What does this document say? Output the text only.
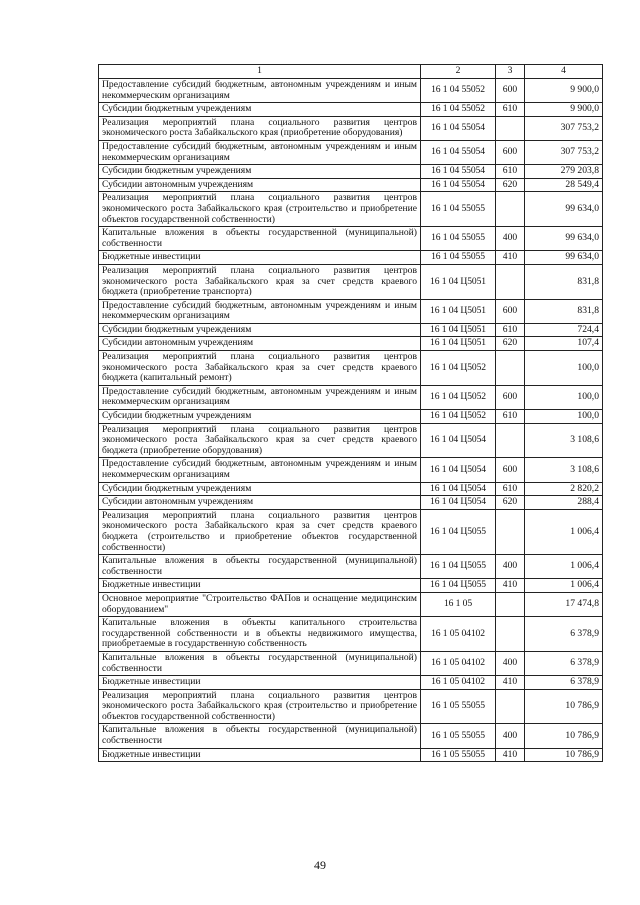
1	2	3	4
Предоставление субсидий бюджетным, автономным учреждениям и иным некоммерческим организациям	16 1 04 55052	600	9 900,0
Субсидии бюджетным учреждениям	16 1 04 55052	610	9 900,0
Реализация мероприятий плана социального развития центров экономического роста Забайкальского края (приобретение оборудования)	16 1 04 55054		307 753,2
Предоставление субсидий бюджетным, автономным учреждениям и иным некоммерческим организациям	16 1 04 55054	600	307 753,2
Субсидии бюджетным учреждениям	16 1 04 55054	610	279 203,8
Субсидии автономным учреждениям	16 1 04 55054	620	28 549,4
Реализация мероприятий плана социального развития центров экономического роста Забайкальского края (строительство и приобретение объектов государственной собственности)	16 1 04 55055		99 634,0
Капитальные вложения в объекты государственной (муниципальной) собственности	16 1 04 55055	400	99 634,0
Бюджетные инвестиции	16 1 04 55055	410	99 634,0
Реализация мероприятий плана социального развития центров экономического роста Забайкальского края за счет средств краевого бюджета (приобретение транспорта)	16 1 04 Ц5051		831,8
Предоставление субсидий бюджетным, автономным учреждениям и иным некоммерческим организациям	16 1 04 Ц5051	600	831,8
Субсидии бюджетным учреждениям	16 1 04 Ц5051	610	724,4
Субсидии автономным учреждениям	16 1 04 Ц5051	620	107,4
Реализация мероприятий плана социального развития центров экономического роста Забайкальского края за счет средств краевого бюджета (капитальный ремонт)	16 1 04 Ц5052		100,0
Предоставление субсидий бюджетным, автономным учреждениям и иным некоммерческим организациям	16 1 04 Ц5052	600	100,0
Субсидии бюджетным учреждениям	16 1 04 Ц5052	610	100,0
Реализация мероприятий плана социального развития центров экономического роста Забайкальского края за счет средств краевого бюджета (приобретение оборудования)	16 1 04 Ц5054		3 108,6
Предоставление субсидий бюджетным, автономным учреждениям и иным некоммерческим организациям	16 1 04 Ц5054	600	3 108,6
Субсидии бюджетным учреждениям	16 1 04 Ц5054	610	2 820,2
Субсидии автономным учреждениям	16 1 04 Ц5054	620	288,4
Реализация мероприятий плана социального развития центров экономического роста Забайкальского края за счет средств краевого бюджета (строительство и приобретение объектов государственной собственности)	16 1 04 Ц5055		1 006,4
Капитальные вложения в объекты государственной (муниципальной) собственности	16 1 04 Ц5055	400	1 006,4
Бюджетные инвестиции	16 1 04 Ц5055	410	1 006,4
Основное мероприятие "Строительство ФАПов и оснащение медицинским оборудованием"	16 1 05		17 474,8
Капитальные вложения в объекты капитального строительства государственной собственности и в объекты недвижимого имущества, приобретаемые в государственную собственность	16 1 05 04102		6 378,9
Капитальные вложения в объекты государственной (муниципальной) собственности	16 1 05 04102	400	6 378,9
Бюджетные инвестиции	16 1 05 04102	410	6 378,9
Реализация мероприятий плана социального развития центров экономического роста Забайкальского края (строительство и приобретение объектов государственной собственности)	16 1 05 55055		10 786,9
Капитальные вложения в объекты государственной (муниципальной) собственности	16 1 05 55055	400	10 786,9
Бюджетные инвестиции	16 1 05 55055	410	10 786,9
49
